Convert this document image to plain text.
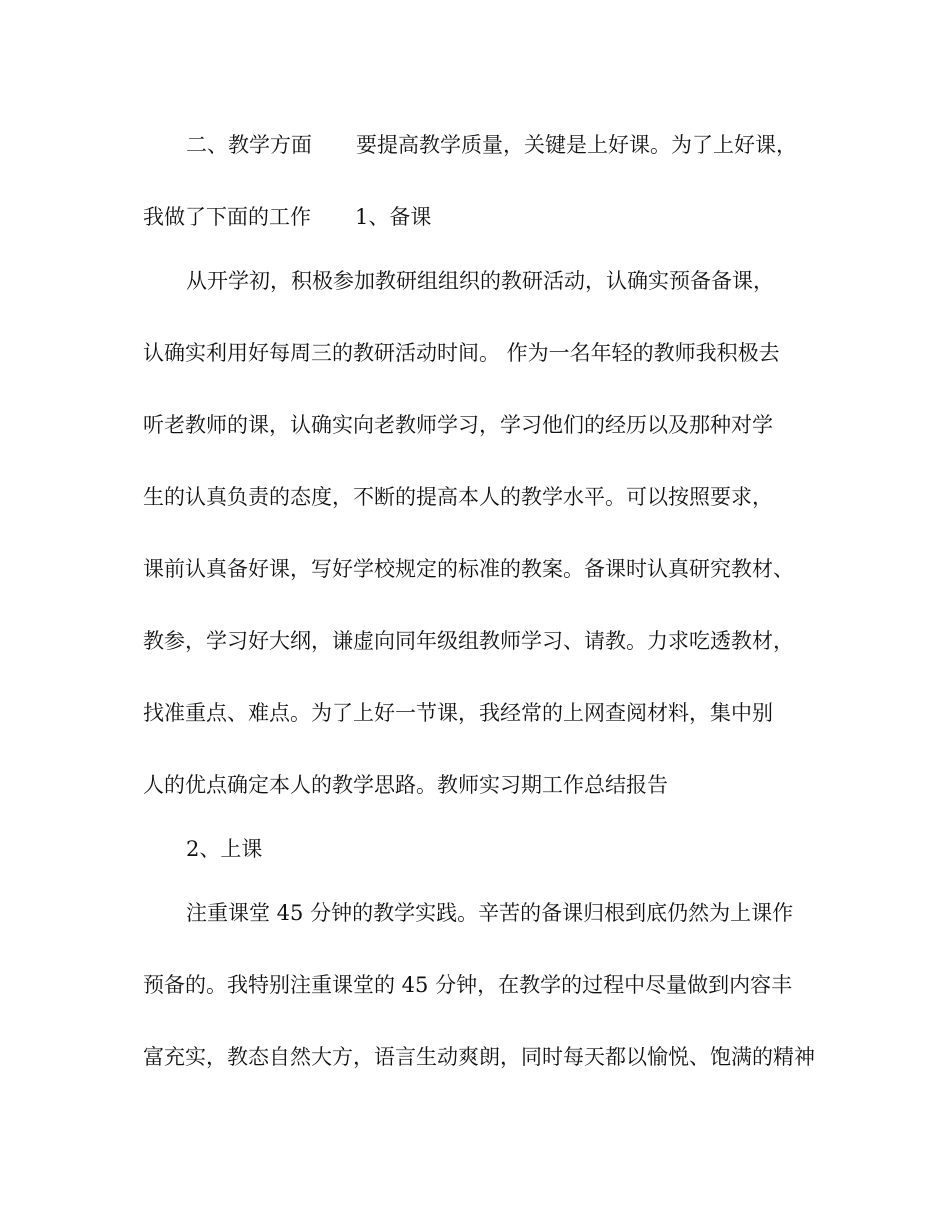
二、教学方面 要提高教学质量，关键是上好课。为了上好课，
我做了下面的工作 1、备课
从开学初，积极参加教研组组织的教研活动，认确实预备备课，
认确实利用好每周三的教研活动时间。 作为一名年轻的教师我积极去
听老教师的课，认确实向老教师学习，学习他们的经历以及那种对学
生的认真负责的态度，不断的提高本人的教学水平。可以按照要求，
课前认真备好课，写好学校规定的标准的教案。备课时认真研究教材、
教参，学习好大纲，谦虚向同年级组教师学习、请教。力求吃透教材，
找准重点、难点。为了上好一节课，我经常的上网查阅材料，集中别
人的优点确定本人的教学思路。教师实习期工作总结报告
2、上课
注重课堂 45 分钟的教学实践。辛苦的备课归根到底仍然为上课作
预备的。我特别注重课堂的 45 分钟，在教学的过程中尽量做到内容丰
富充实，教态自然大方，语言生动爽朗，同时每天都以愉悦、饱满的精神
